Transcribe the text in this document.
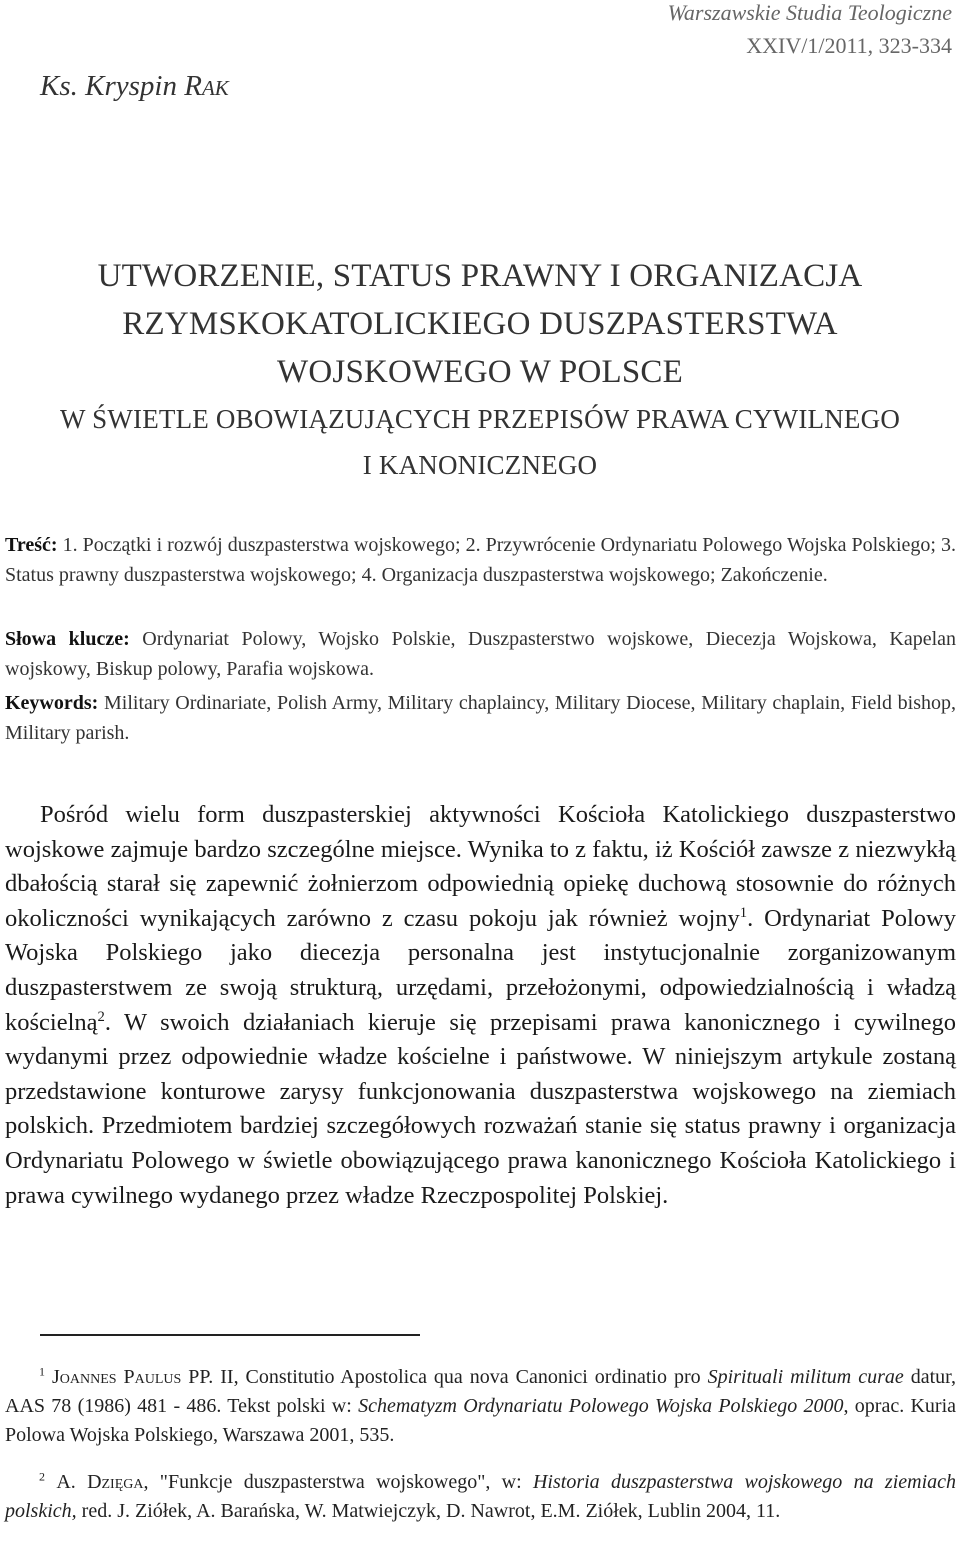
Warszawskie Studia Teologiczne
XXIV/1/2011, 323-334
Ks. Kryspin RAK
UTWORZENIE, STATUS PRAWNY I ORGANIZACJA
RZYMSKOKATOLICKIEGO DUSZPASTERSTWA
WOJSKOWEGO W POLSCE
W ŚWIETLE OBOWIĄZUJĄCYCH PRZEPISÓW PRAWA CYWILNEGO
I KANONICZNEGO
Treść: 1. Początki i rozwój duszpasterstwa wojskowego; 2. Przywrócenie Ordynariatu Polowego Wojska Polskiego; 3. Status prawny duszpasterstwa wojskowego; 4. Organizacja duszpasterstwa wojskowego; Zakończenie.
Słowa klucze: Ordynariat Polowy, Wojsko Polskie, Duszpasterstwo wojskowe, Diecezja Wojskowa, Kapelan wojskowy, Biskup polowy, Parafia wojskowa.
Keywords: Military Ordinariate, Polish Army, Military chaplaincy, Military Diocese, Military chaplain, Field bishop, Military parish.

Pośród wielu form duszpasterskiej aktywności Kościoła Katolickiego duszpasterstwo wojskowe zajmuje bardzo szczególne miejsce. Wynika to z faktu, iż Kościół zawsze z niezwykłą dbałością starał się zapewnić żołnierzom odpowiednią opiekę duchową stosownie do różnych okoliczności wynikających zarówno z czasu pokoju jak również wojny$^1$. Ordynariat Polowy Wojska Polskiego jako diecezja personalna jest instytucjonalnie zorganizowanym duszpasterstwem ze swoją strukturą, urzędami, przełożonymi, odpowiedzialnością i władzą kościelną$^2$. W swoich działaniach kieruje się przepisami prawa kanonicznego i cywilnego wydanymi przez odpowiednie władze kościelne i państwowe. W niniejszym artykule zostaną przedstawione konturowe zarysy funkcjonowania duszpasterstwa wojskowego na ziemiach polskich. Przedmiotem bardziej szczegółowych rozważań stanie się status prawny i organizacja Ordynariatu Polowego w świetle obowiązującego prawa kanonicznego Kościoła Katolickiego i prawa cywilnego wydanego przez władze Rzeczpospolitej Polskiej.

$^1$ Joannes Paulus PP. II, Constitutio Apostolica qua nova Canonici ordinatio pro Spirituali militum curae datur, AAS 78 (1986) 481 - 486. Tekst polski w: Schematyzm Ordynariatu Polowego Wojska Polskiego 2000, oprac. Kuria Polowa Wojska Polskiego, Warszawa 2001, 535.

$^2$ A. Dzięga, "Funkcje duszpasterstwa wojskowego", w: Historia duszpasterstwa wojskowego na ziemiach polskich, red. J. Ziółek, A. Barańska, W. Matwiejczyk, D. Nawrot, E.M. Ziółek, Lublin 2004, 11.
